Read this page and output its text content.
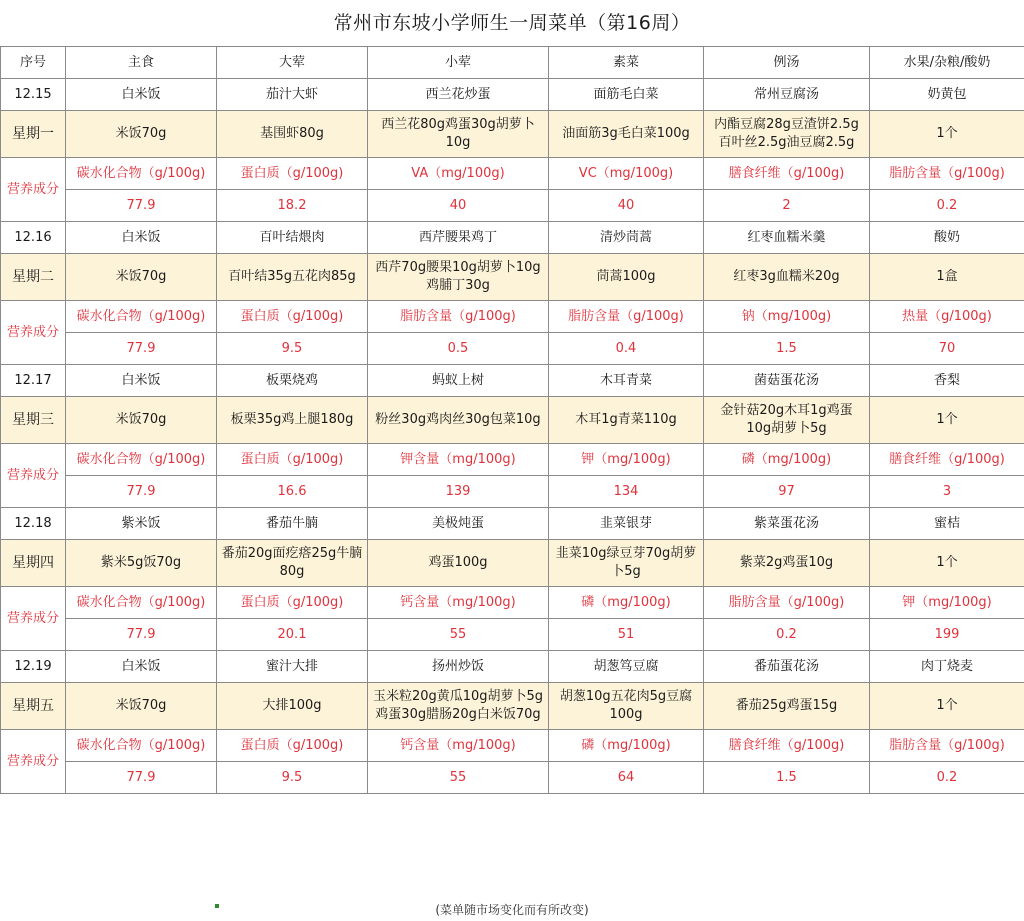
常州市东坡小学师生一周菜单（第16周）
序号	主食	大荤	小荤	素菜	例汤	水果/杂粮/酸奶
12.15	白米饭	茄汁大虾	西兰花炒蛋	面筋毛白菜	常州豆腐汤	奶黄包
星期一	米饭70g	基围虾80g	西兰花80g鸡蛋30g胡萝卜10g	油面筋3g毛白菜100g	内酯豆腐28g豆渣饼2.5g百叶丝2.5g油豆腐2.5g	1个
营养成分	碳水化合物（g/100g)	蛋白质（g/100g)	VA（mg/100g)	VC（mg/100g)	膳食纤维（g/100g)	脂肪含量（g/100g)
	77.9	18.2	40	40	2	0.2
12.16	白米饭	百叶结煨肉	西芹腰果鸡丁	清炒茼蒿	红枣血糯米羹	酸奶
星期二	米饭70g	百叶结35g五花肉85g	西芹70g腰果10g胡萝卜10g鸡脯丁30g	茼蒿100g	红枣3g血糯米20g	1盒
营养成分	碳水化合物（g/100g)	蛋白质（g/100g)	脂肪含量（g/100g)	脂肪含量（g/100g)	钠（mg/100g)	热量（g/100g)
	77.9	9.5	0.5	0.4	1.5	70
12.17	白米饭	板栗烧鸡	蚂蚁上树	木耳青菜	菌菇蛋花汤	香梨
星期三	米饭70g	板栗35g鸡上腿180g	粉丝30g鸡肉丝30g包菜10g	木耳1g青菜110g	金针菇20g木耳1g鸡蛋10g胡萝卜5g	1个
营养成分	碳水化合物（g/100g)	蛋白质（g/100g)	钾含量（mg/100g)	钾（mg/100g)	磷（mg/100g)	膳食纤维（g/100g)
	77.9	16.6	139	134	97	3
12.18	紫米饭	番茄牛腩	美极炖蛋	韭菜银芽	紫菜蛋花汤	蜜桔
星期四	紫米5g饭70g	番茄20g面疙瘩25g牛腩80g	鸡蛋100g	韭菜10g绿豆芽70g胡萝卜5g	紫菜2g鸡蛋10g	1个
营养成分	碳水化合物（g/100g)	蛋白质（g/100g)	钙含量（mg/100g)	磷（mg/100g)	脂肪含量（g/100g)	钾（mg/100g)
	77.9	20.1	55	51	0.2	199
12.19	白米饭	蜜汁大排	扬州炒饭	胡葱笃豆腐	番茄蛋花汤	肉丁烧麦
星期五	米饭70g	大排100g	玉米粒20g黄瓜10g胡萝卜5g鸡蛋30g腊肠20g白米饭70g	胡葱10g五花肉5g豆腐100g	番茄25g鸡蛋15g	1个
营养成分	碳水化合物（g/100g)	蛋白质（g/100g)	钙含量（mg/100g)	磷（mg/100g)	膳食纤维（g/100g)	脂肪含量（g/100g)
	77.9	9.5	55	64	1.5	0.2
(菜单随市场变化而有所改变)
